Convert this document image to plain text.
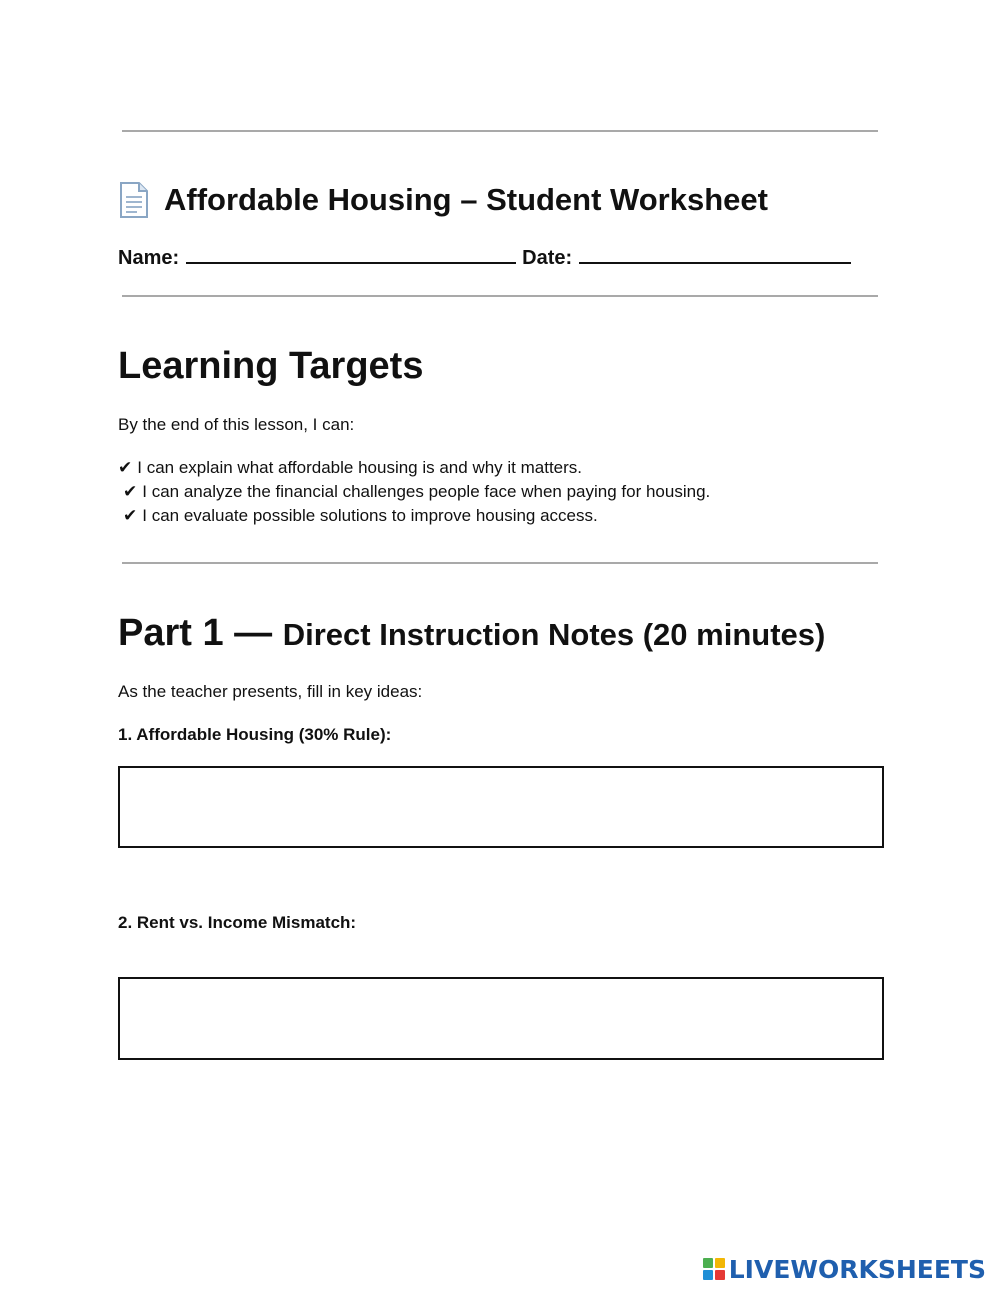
Affordable Housing – Student Worksheet
Name:	Date:
Learning Targets
By the end of this lesson, I can:
✔ I can explain what affordable housing is and why it matters.
✔ I can analyze the financial challenges people face when paying for housing.
✔ I can evaluate possible solutions to improve housing access.
Part 1 — Direct Instruction Notes (20 minutes)
As the teacher presents, fill in key ideas:
1. Affordable Housing (30% Rule):
2. Rent vs. Income Mismatch:
LIVEWORKSHEETS
